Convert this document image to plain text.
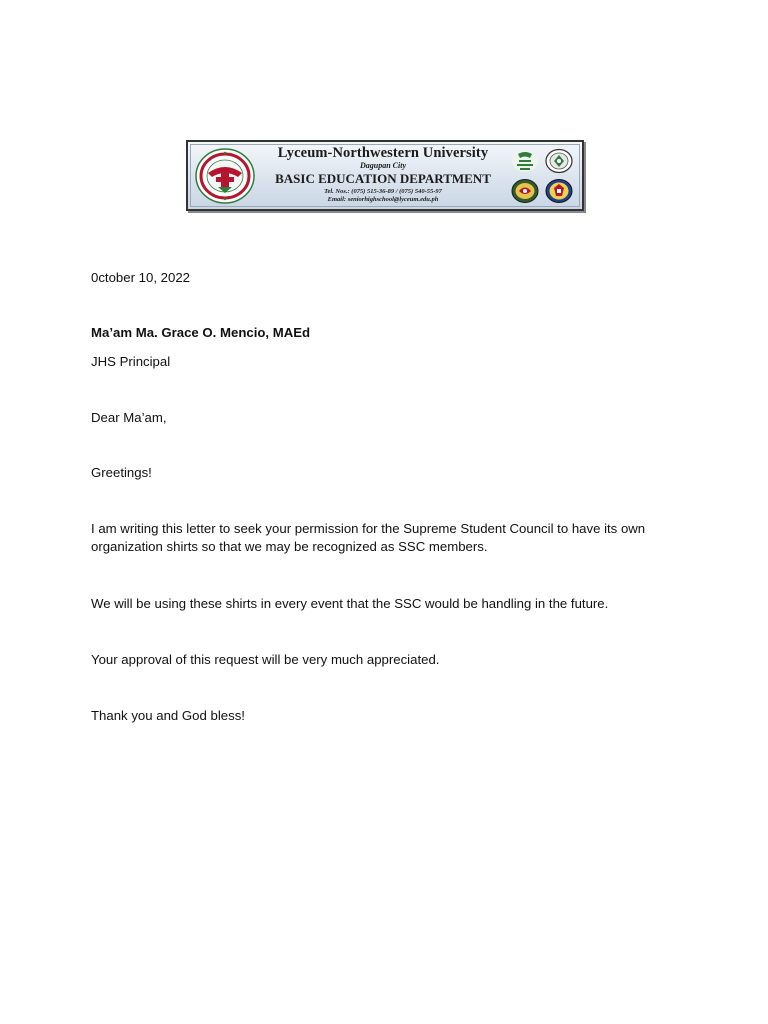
Lyceum-Northwestern University
Dagupan City
BASIC EDUCATION DEPARTMENT
Tel. Nos.: (075) 515-36-89 / (075) 540-55-97
Email: seniorhighschool@lyceum.edu.ph
0ctober 10, 2022
Ma’am Ma. Grace O. Mencio, MAEd
JHS Principal
Dear Ma’am,
Greetings!
I am writing this letter to seek your permission for the Supreme Student Council to have its own
organization shirts so that we may be recognized as SSC members.
We will be using these shirts in every event that the SSC would be handling in the future.
Your approval of this request will be very much appreciated.
Thank you and God bless!
